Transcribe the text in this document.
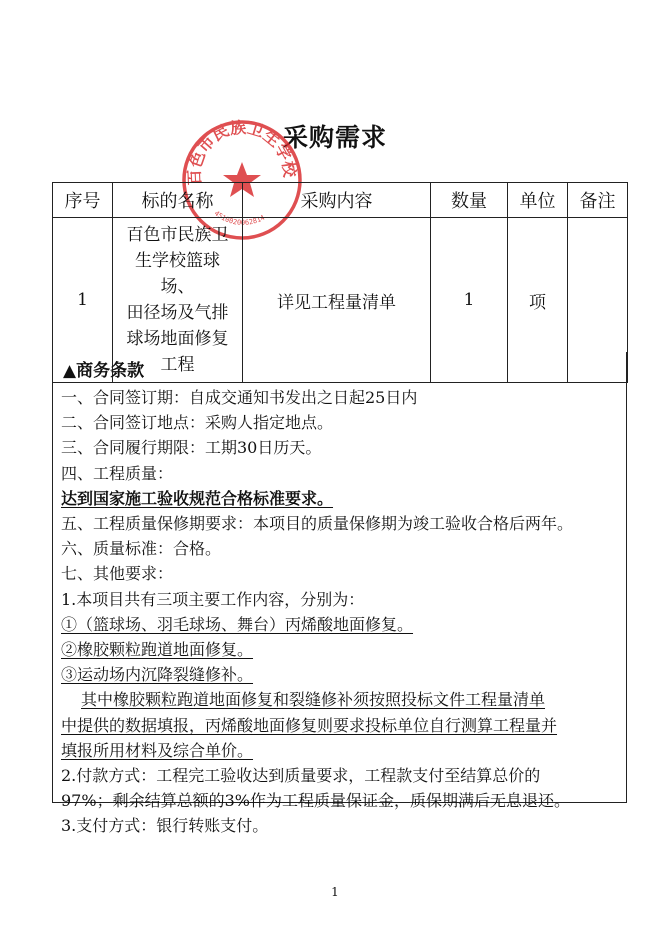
采购需求
百色市民族卫生学校
4510020062814
序号	标的名称	采购内容	数量	单位	备注
1	百色市民族卫
生学校篮球场、
田径场及气排
球场地面修复
工程	详见工程量清单	1	项	
▲商务条款
一、合同签订期：自成交通知书发出之日起25日内
二、合同签订地点：采购人指定地点。
三、合同履行期限：工期30日历天。
四、工程质量：
达到国家施工验收规范合格标准要求。
五、工程质量保修期要求：本项目的质量保修期为竣工验收合格后两年。
六、质量标准：合格。
七、其他要求：
1.本项目共有三项主要工作内容，分别为：
①（篮球场、羽毛球场、舞台）丙烯酸地面修复。
②橡胶颗粒跑道地面修复。
③运动场内沉降裂缝修补。
其中橡胶颗粒跑道地面修复和裂缝修补须按照投标文件工程量清单
中提供的数据填报，丙烯酸地面修复则要求投标单位自行测算工程量并
填报所用材料及综合单价。
2.付款方式：工程完工验收达到质量要求，工程款支付至结算总价的
97%；剩余结算总额的3%作为工程质量保证金，质保期满后无息退还。
3.支付方式：银行转账支付。
1
